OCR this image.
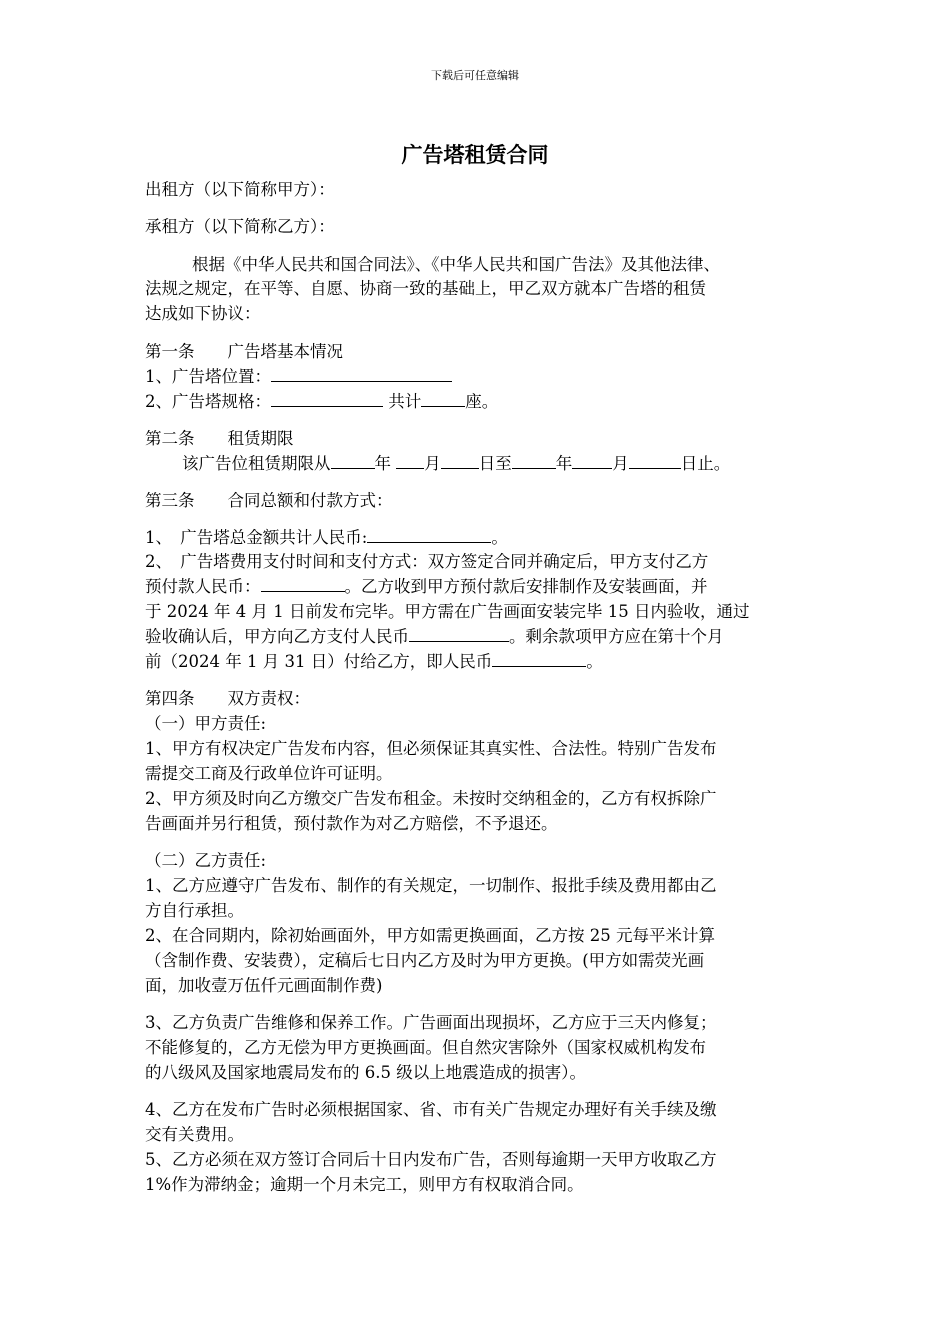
下载后可任意编辑
广告塔租赁合同
出租方（以下简称甲方）：
承租方（以下简称乙方）：
根据《中华人民共和国合同法》、《中华人民共和国广告法》及其他法律、
法规之规定，在平等、自愿、协商一致的基础上，甲乙双方就本广告塔的租赁
达成如下协议：
第一条　　广告塔基本情况
1、广告塔位置：
2、广告塔规格：	共计	座。
第二条　　租赁期限
该广告位租赁期限从	年 月 日至	年 月	日止。
第三条　　合同总额和付款方式：
1、　广告塔总金额共计人民币:	。
2、　广告塔费用支付时间和支付方式：双方签定合同并确定后，甲方支付乙方
预付款人民币：	。乙方收到甲方预付款后安排制作及安装画面，并
于 2024 年 4 月 1 日前发布完毕。甲方需在广告画面安装完毕 15 日内验收，通过
验收确认后，甲方向乙方支付人民币	。剩余款项甲方应在第十个月
前（2024 年 1 月 31 日）付给乙方，即人民币	。
第四条　　双方责权：
（一）甲方责任:
1、甲方有权决定广告发布内容，但必须保证其真实性、合法性。特别广告发布
需提交工商及行政单位许可证明。
2、甲方须及时向乙方缴交广告发布租金。未按时交纳租金的，乙方有权拆除广
告画面并另行租赁，预付款作为对乙方赔偿，不予退还。
（二）乙方责任:
1、乙方应遵守广告发布、制作的有关规定，一切制作、报批手续及费用都由乙
方自行承担。
2、在合同期内，除初始画面外，甲方如需更换画面，乙方按 25 元每平米计算
（含制作费、安装费），定稿后七日内乙方及时为甲方更换。(甲方如需荧光画
面，加收壹万伍仟元画面制作费)
3、乙方负责广告维修和保养工作。广告画面出现损坏，乙方应于三天内修复；
不能修复的，乙方无偿为甲方更换画面。但自然灾害除外（国家权威机构发布
的八级风及国家地震局发布的 6.5 级以上地震造成的损害）。
4、乙方在发布广告时必须根据国家、省、市有关广告规定办理好有关手续及缴
交有关费用。
5、乙方必须在双方签订合同后十日内发布广告，否则每逾期一天甲方收取乙方
1%作为滞纳金；逾期一个月未完工，则甲方有权取消合同。
